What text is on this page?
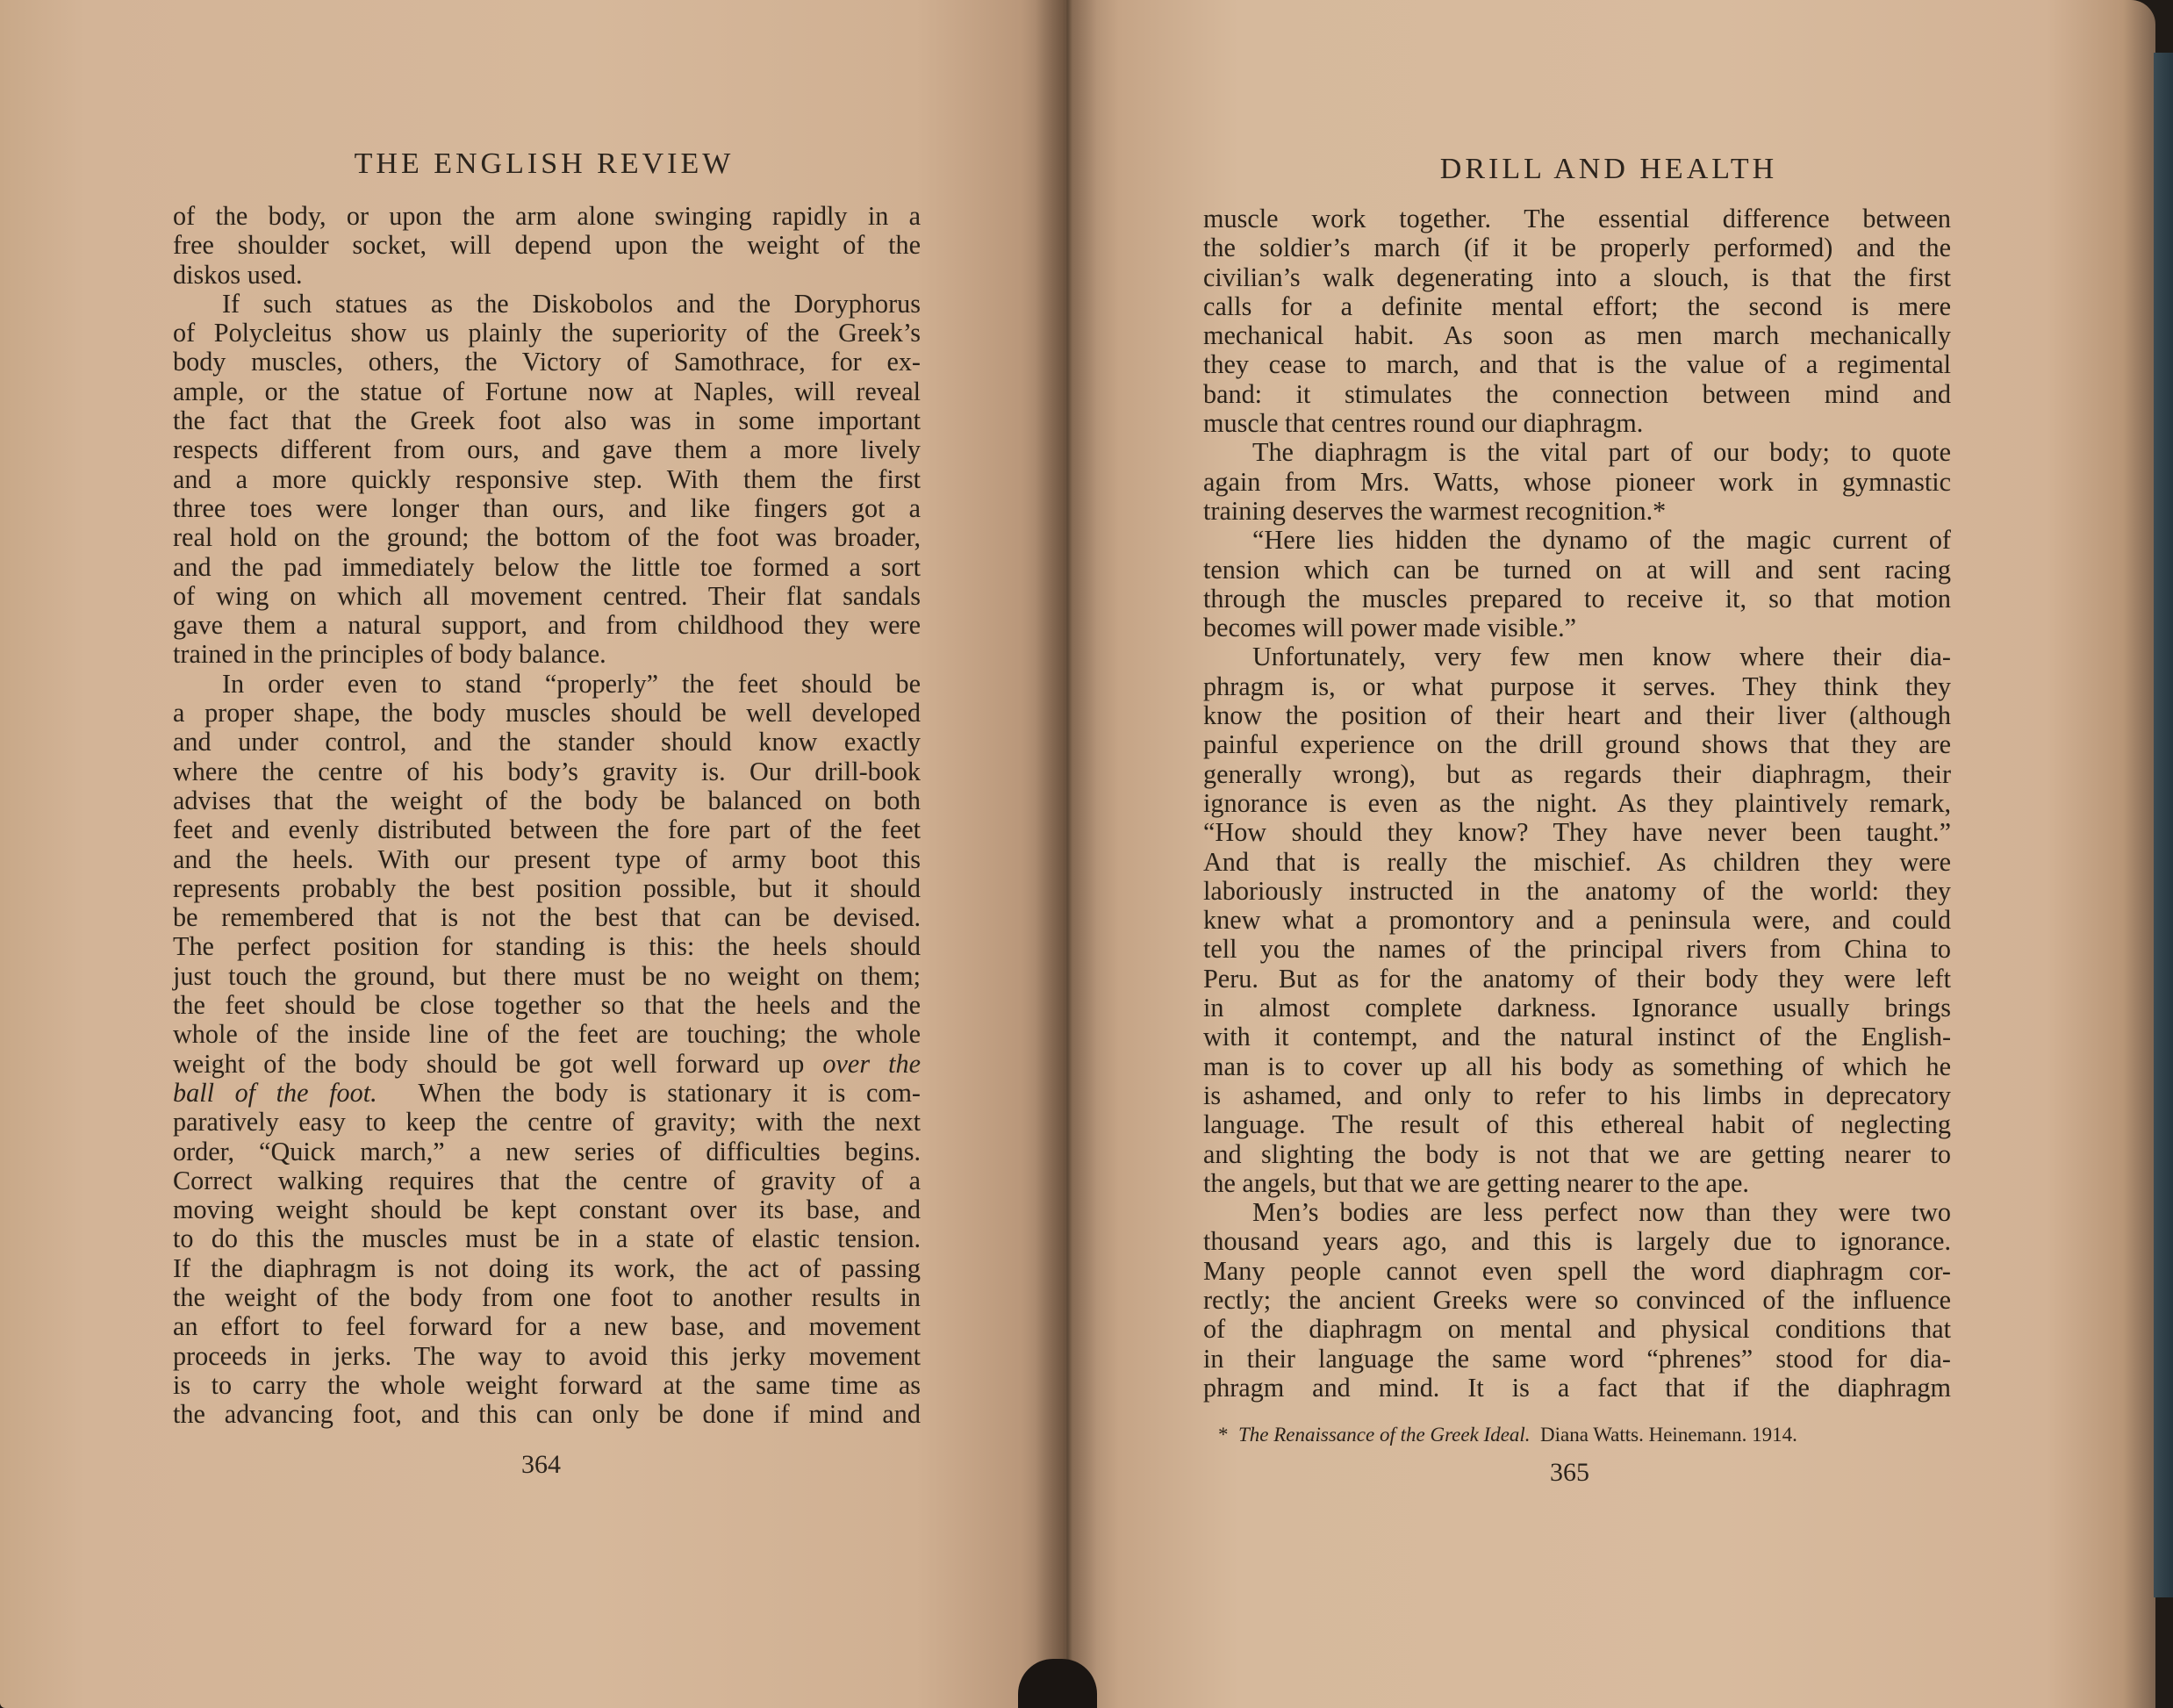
THE ENGLISH REVIEW
of the body, or upon the arm alone swinging rapidly in a
free shoulder socket, will depend upon the weight of the
diskos used.
If such statues as the Diskobolos and the Doryphorus
of Polycleitus show us plainly the superiority of the Greek’s
body muscles, others, the Victory of Samothrace, for ex-
ample, or the statue of Fortune now at Naples, will reveal
the fact that the Greek foot also was in some important
respects different from ours, and gave them a more lively
and a more quickly responsive step. With them the first
three toes were longer than ours, and like fingers got a
real hold on the ground; the bottom of the foot was broader,
and the pad immediately below the little toe formed a sort
of wing on which all movement centred. Their flat sandals
gave them a natural support, and from childhood they were
trained in the principles of body balance.
In order even to stand “properly” the feet should be
a proper shape, the body muscles should be well developed
and under control, and the stander should know exactly
where the centre of his body’s gravity is. Our drill-book
advises that the weight of the body be balanced on both
feet and evenly distributed between the fore part of the feet
and the heels. With our present type of army boot this
represents probably the best position possible, but it should
be remembered that is not the best that can be devised.
The perfect position for standing is this: the heels should
just touch the ground, but there must be no weight on them;
the feet should be close together so that the heels and the
whole of the inside line of the feet are touching; the whole
weight of the body should be got well forward up over the
ball of the foot. When the body is stationary it is com-
paratively easy to keep the centre of gravity; with the next
order, “Quick march,” a new series of difficulties begins.
Correct walking requires that the centre of gravity of a
moving weight should be kept constant over its base, and
to do this the muscles must be in a state of elastic tension.
If the diaphragm is not doing its work, the act of passing
the weight of the body from one foot to another results in
an effort to feel forward for a new base, and movement
proceeds in jerks. The way to avoid this jerky movement
is to carry the whole weight forward at the same time as
the advancing foot, and this can only be done if mind and
364
DRILL AND HEALTH
muscle work together. The essential difference between
the soldier’s march (if it be properly performed) and the
civilian’s walk degenerating into a slouch, is that the first
calls for a definite mental effort; the second is mere
mechanical habit. As soon as men march mechanically
they cease to march, and that is the value of a regimental
band: it stimulates the connection between mind and
muscle that centres round our diaphragm.
The diaphragm is the vital part of our body; to quote
again from Mrs. Watts, whose pioneer work in gymnastic
training deserves the warmest recognition.*
“Here lies hidden the dynamo of the magic current of
tension which can be turned on at will and sent racing
through the muscles prepared to receive it, so that motion
becomes will power made visible.”
Unfortunately, very few men know where their dia-
phragm is, or what purpose it serves. They think they
know the position of their heart and their liver (although
painful experience on the drill ground shows that they are
generally wrong), but as regards their diaphragm, their
ignorance is even as the night. As they plaintively remark,
“How should they know? They have never been taught.”
And that is really the mischief. As children they were
laboriously instructed in the anatomy of the world: they
knew what a promontory and a peninsula were, and could
tell you the names of the principal rivers from China to
Peru. But as for the anatomy of their body they were left
in almost complete darkness. Ignorance usually brings
with it contempt, and the natural instinct of the English-
man is to cover up all his body as something of which he
is ashamed, and only to refer to his limbs in deprecatory
language. The result of this ethereal habit of neglecting
and slighting the body is not that we are getting nearer to
the angels, but that we are getting nearer to the ape.
Men’s bodies are less perfect now than they were two
thousand years ago, and this is largely due to ignorance.
Many people cannot even spell the word diaphragm cor-
rectly; the ancient Greeks were so convinced of the influence
of the diaphragm on mental and physical conditions that
in their language the same word “phrenes” stood for dia-
phragm and mind. It is a fact that if the diaphragm
365
* The Renaissance of the Greek Ideal. Diana Watts. Heinemann. 1914.
